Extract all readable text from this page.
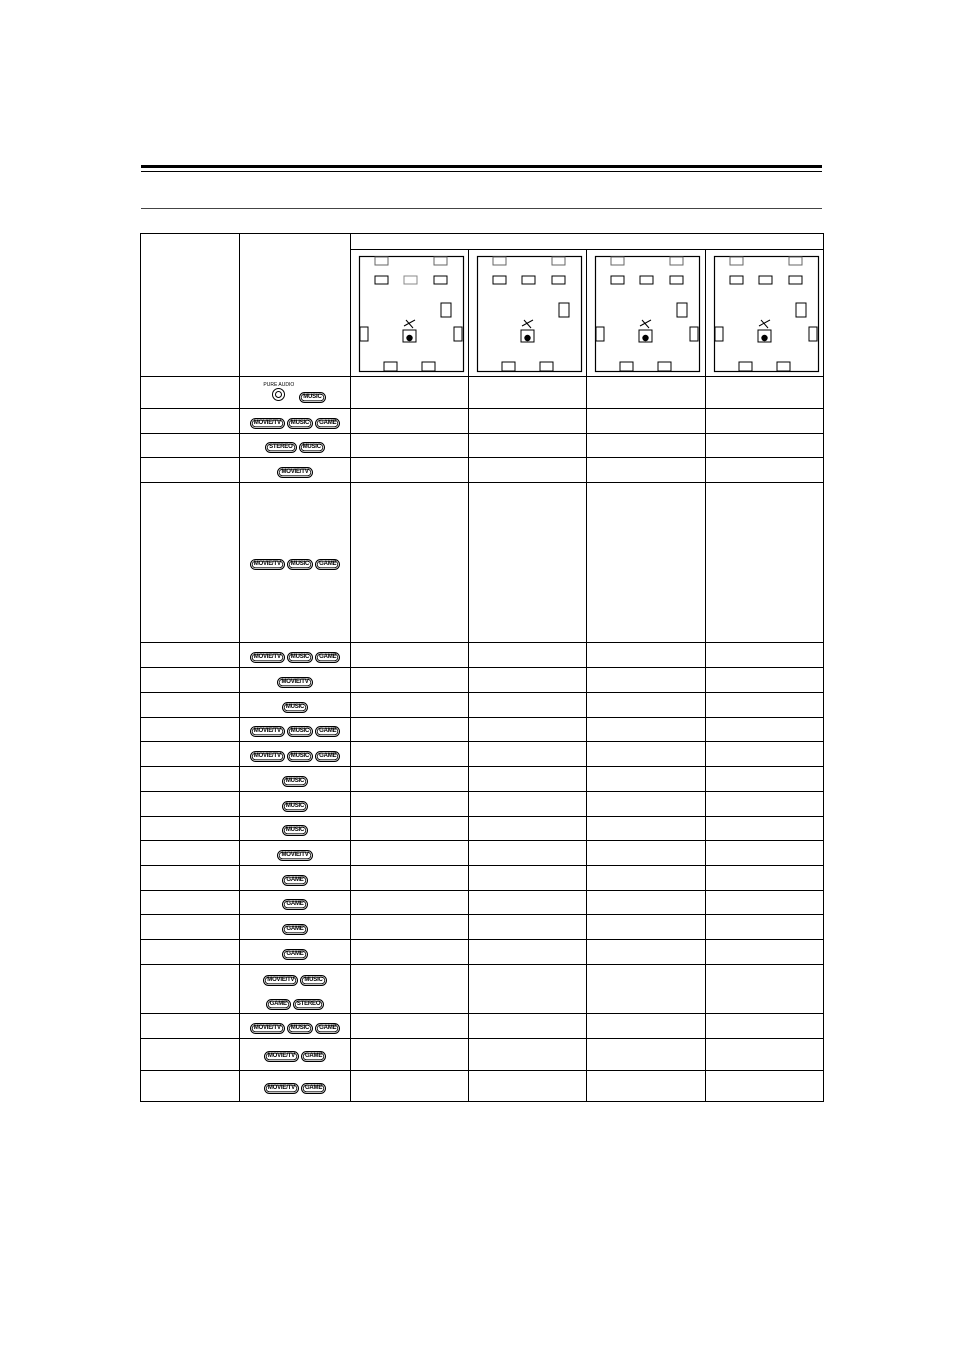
	PURE AUDIO
MUSIC				

	MOVIE/TV MUSIC GAME				

	STEREO MUSIC				

	MOVIE/TV				

	MOVIE/TV MUSIC GAME				

	MOVIE/TV MUSIC GAME				

	MOVIE/TV				

	MUSIC				

	MOVIE/TV MUSIC GAME				

	MOVIE/TV MUSIC GAME				

	MUSIC				

	MUSIC				

	MUSIC				

	MOVIE/TV				

	GAME				

	GAME				

	GAME				

	GAME				

	MOVIE/TV MUSIC
GAME STEREO				

	MOVIE/TV MUSIC GAME				

	MOVIE/TV GAME				

	MOVIE/TV GAME				
